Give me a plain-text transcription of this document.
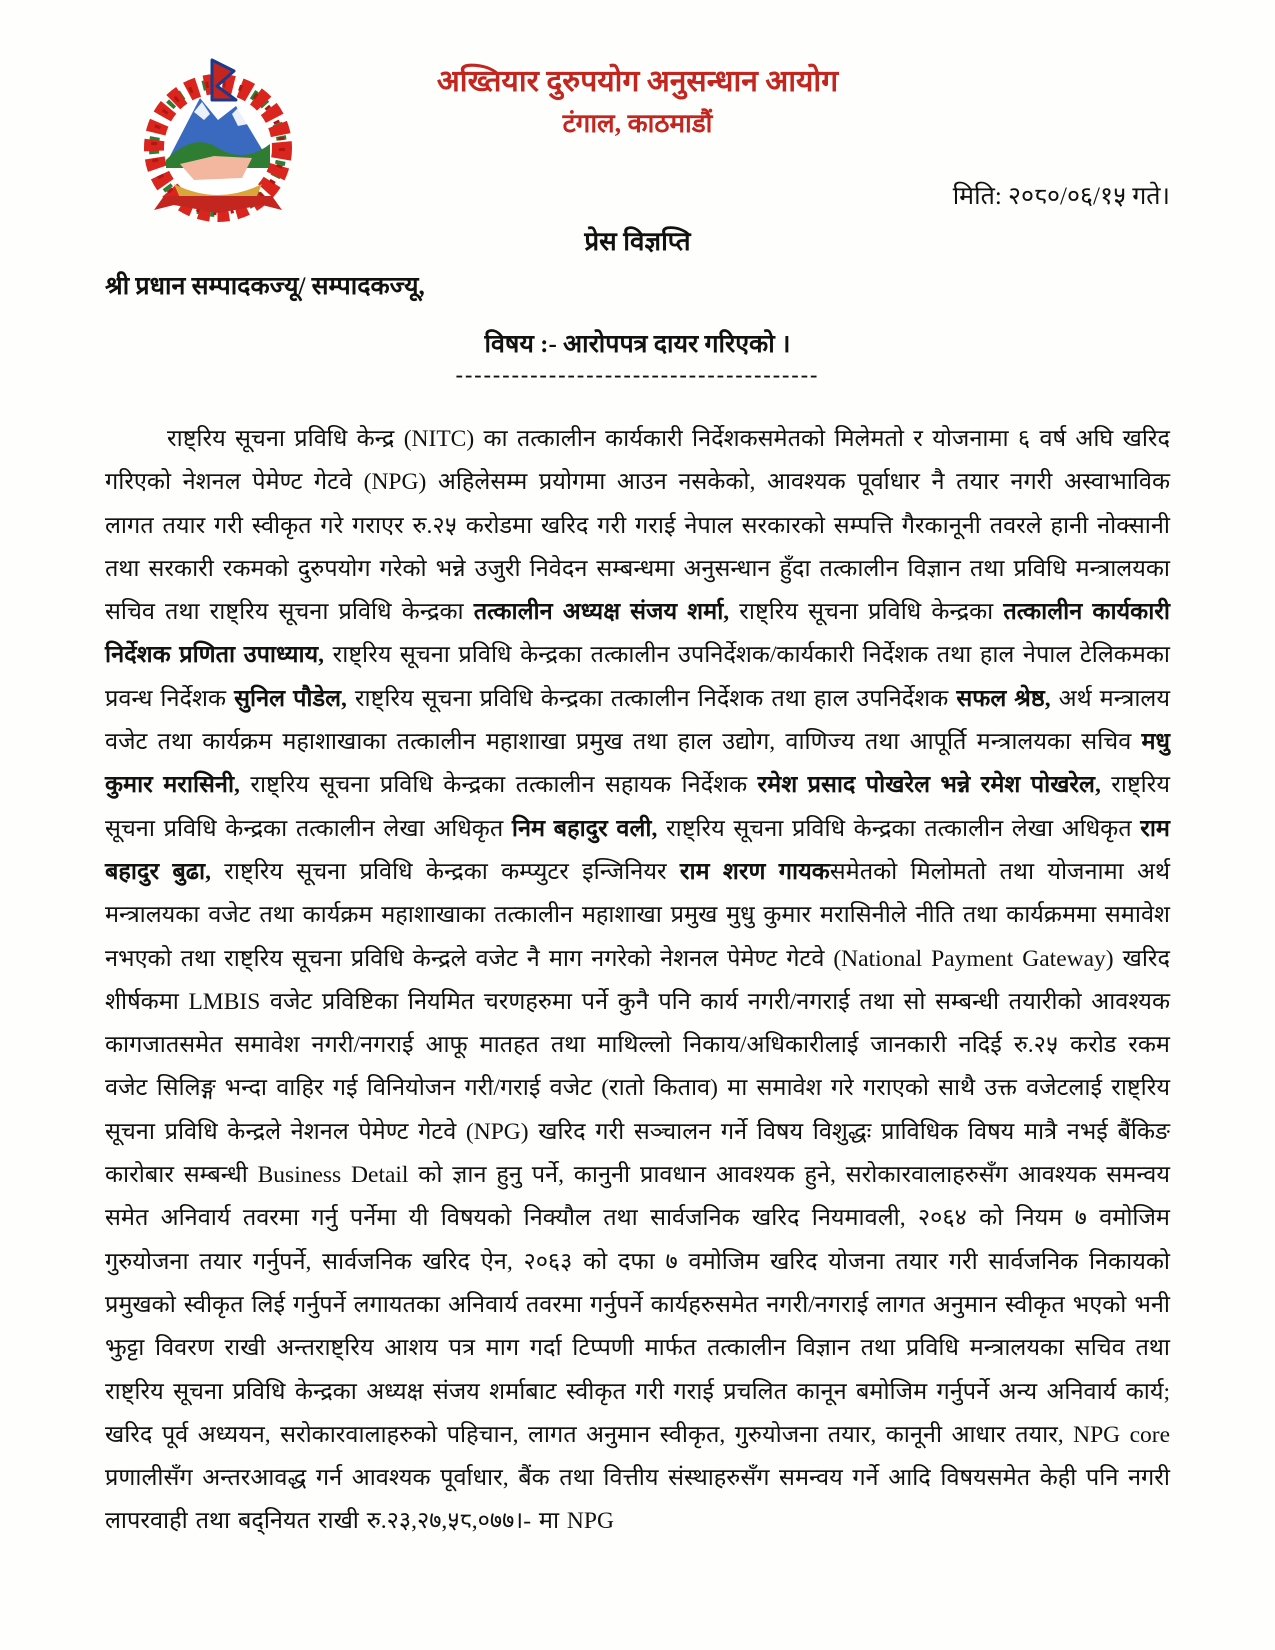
अख्तियार दुरुपयोग अनुसन्धान आयोग
टंगाल, काठमाडौं
मिति: २०८०/०६/१५ गते।
प्रेस विज्ञप्ति
श्री प्रधान सम्पादकज्यू/ सम्पादकज्यू,
विषय :- आरोपपत्र दायर गरिएको ।
---------------------------------------
राष्ट्रिय सूचना प्रविधि केन्द्र (NITC) का तत्कालीन कार्यकारी निर्देशकसमेतको मिलेमतो र योजनामा ६ वर्ष अघि खरिद गरिएको नेशनल पेमेण्ट गेटवे (NPG) अहिलेसम्म प्रयोगमा आउन नसकेको, आवश्यक पूर्वाधार नै तयार नगरी अस्वाभाविक लागत तयार गरी स्वीकृत गरे गराएर रु.२५ करोडमा खरिद गरी गराई नेपाल सरकारको सम्पत्ति गैरकानूनी तवरले हानी नोक्सानी तथा सरकारी रकमको दुरुपयोग गरेको भन्ने उजुरी निवेदन सम्बन्धमा अनुसन्धान हुँदा तत्कालीन विज्ञान तथा प्रविधि मन्त्रालयका सचिव तथा राष्ट्रिय सूचना प्रविधि केन्द्रका तत्कालीन अध्यक्ष संजय शर्मा, राष्ट्रिय सूचना प्रविधि केन्द्रका तत्कालीन कार्यकारी निर्देशक प्रणिता उपाध्याय, राष्ट्रिय सूचना प्रविधि केन्द्रका तत्कालीन उपनिर्देशक/कार्यकारी निर्देशक तथा हाल नेपाल टेलिकमका प्रवन्ध निर्देशक सुनिल पौडेल, राष्ट्रिय सूचना प्रविधि केन्द्रका तत्कालीन निर्देशक तथा हाल उपनिर्देशक सफल श्रेष्ठ, अर्थ मन्त्रालय वजेट तथा कार्यक्रम महाशाखाका तत्कालीन महाशाखा प्रमुख तथा हाल उद्योग, वाणिज्य तथा आपूर्ति मन्त्रालयका सचिव मधु कुमार मरासिनी, राष्ट्रिय सूचना प्रविधि केन्द्रका तत्कालीन सहायक निर्देशक रमेश प्रसाद पोखरेल भन्ने रमेश पोखरेल, राष्ट्रिय सूचना प्रविधि केन्द्रका तत्कालीन लेखा अधिकृत निम बहादुर वली, राष्ट्रिय सूचना प्रविधि केन्द्रका तत्कालीन लेखा अधिकृत राम बहादुर बुढा, राष्ट्रिय सूचना प्रविधि केन्द्रका कम्प्युटर इन्जिनियर राम शरण गायकसमेतको मिलोमतो तथा योजनामा अर्थ मन्त्रालयका वजेट तथा कार्यक्रम महाशाखाका तत्कालीन महाशाखा प्रमुख मुधु कुमार मरासिनीले नीति तथा कार्यक्रममा समावेश नभएको तथा राष्ट्रिय सूचना प्रविधि केन्द्रले वजेट नै माग नगरेको नेशनल पेमेण्ट गेटवे (National Payment Gateway) खरिद शीर्षकमा LMBIS वजेट प्रविष्टिका नियमित चरणहरुमा पर्ने कुनै पनि कार्य नगरी/नगराई तथा सो सम्बन्धी तयारीको आवश्यक कागजातसमेत समावेश नगरी/नगराई आफू मातहत तथा माथिल्लो निकाय/अधिकारीलाई जानकारी नदिई रु.२५ करोड रकम वजेट सिलिङ्ग भन्दा वाहिर गई विनियोजन गरी/गराई वजेट (रातो किताव) मा समावेश गरे गराएको साथै उक्त वजेटलाई राष्ट्रिय सूचना प्रविधि केन्द्रले नेशनल पेमेण्ट गेटवे (NPG) खरिद गरी सञ्चालन गर्ने विषय विशुद्धः प्राविधिक विषय मात्रै नभई बैंकिङ कारोबार सम्बन्धी Business Detail को ज्ञान हुनु पर्ने, कानुनी प्रावधान आवश्यक हुने, सरोकारवालाहरुसँग आवश्यक समन्वय समेत अनिवार्य तवरमा गर्नु पर्नेमा यी विषयको निक्यौल तथा सार्वजनिक खरिद नियमावली, २०६४ को नियम ७ वमोजिम गुरुयोजना तयार गर्नुपर्ने, सार्वजनिक खरिद ऐन, २०६३ को दफा ७ वमोजिम खरिद योजना तयार गरी सार्वजनिक निकायको प्रमुखको स्वीकृत लिई गर्नुपर्ने लगायतका अनिवार्य तवरमा गर्नुपर्ने कार्यहरुसमेत नगरी/नगराई लागत अनुमान स्वीकृत भएको भनी झुट्टा विवरण राखी अन्तराष्ट्रिय आशय पत्र माग गर्दा टिप्पणी मार्फत तत्कालीन विज्ञान तथा प्रविधि मन्त्रालयका सचिव तथा राष्ट्रिय सूचना प्रविधि केन्द्रका अध्यक्ष संजय शर्माबाट स्वीकृत गरी गराई प्रचलित कानून बमोजिम गर्नुपर्ने अन्य अनिवार्य कार्य; खरिद पूर्व अध्ययन, सरोकारवालाहरुको पहिचान, लागत अनुमान स्वीकृत, गुरुयोजना तयार, कानूनी आधार तयार, NPG core प्रणालीसँग अन्तरआवद्ध गर्न आवश्यक पूर्वाधार, बैंक तथा वित्तीय संस्थाहरुसँग समन्वय गर्ने आदि विषयसमेत केही पनि नगरी लापरवाही तथा बद्नियत राखी रु.२३,२७,५८,०७७।- मा NPG
